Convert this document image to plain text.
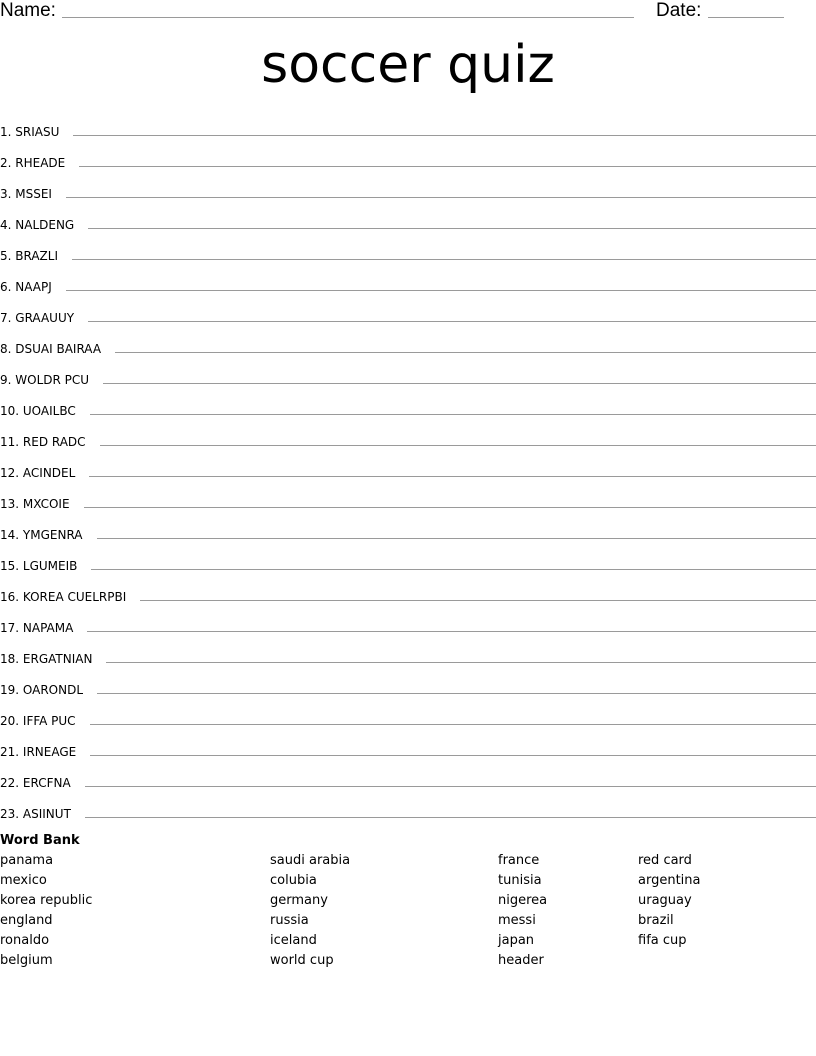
Name:	Date:
soccer quiz
1. SRIASU
2. RHEADE
3. MSSEI
4. NALDENG
5. BRAZLI
6. NAAPJ
7. GRAAUUY
8. DSUAI BAIRAA
9. WOLDR PCU
10. UOAILBC
11. RED RADC
12. ACINDEL
13. MXCOIE
14. YMGENRA
15. LGUMEIB
16. KOREA CUELRPBI
17. NAPAMA
18. ERGATNIAN
19. OARONDL
20. IFFA PUC
21. IRNEAGE
22. ERCFNA
23. ASIINUT
Word Bank
panama
mexico
korea republic
england
ronaldo
belgium
saudi arabia
colubia
germany
russia
iceland
world cup
france
tunisia
nigerea
messi
japan
header
red card
argentina
uraguay
brazil
fifa cup
